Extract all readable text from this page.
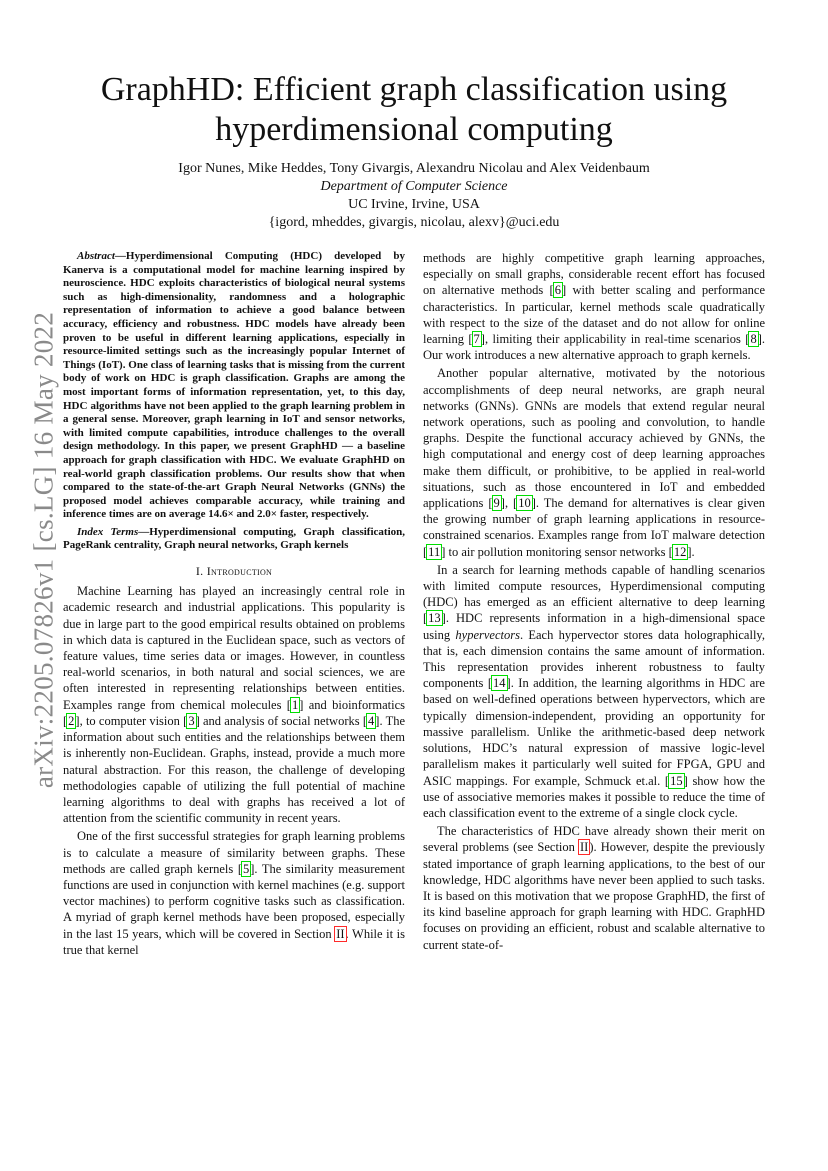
arXiv:2205.07826v1 [cs.LG] 16 May 2022
GraphHD: Efficient graph classification using hyperdimensional computing
Igor Nunes, Mike Heddes, Tony Givargis, Alexandru Nicolau and Alex Veidenbaum
Department of Computer Science
UC Irvine, Irvine, USA
{igord, mheddes, givargis, nicolau, alexv}@uci.edu

Abstract—Hyperdimensional Computing (HDC) developed by Kanerva is a computational model for machine learning inspired by neuroscience. HDC exploits characteristics of biological neural systems such as high-dimensionality, randomness and a holographic representation of information to achieve a good balance between accuracy, efficiency and robustness. HDC models have already been proven to be useful in different learning applications, especially in resource-limited settings such as the increasingly popular Internet of Things (IoT). One class of learning tasks that is missing from the current body of work on HDC is graph classification. Graphs are among the most important forms of information representation, yet, to this day, HDC algorithms have not been applied to the graph learning problem in a general sense. Moreover, graph learning in IoT and sensor networks, with limited compute capabilities, introduce challenges to the overall design methodology. In this paper, we present GraphHD — a baseline approach for graph classification with HDC. We evaluate GraphHD on real-world graph classification problems. Our results show that when compared to the state-of-the-art Graph Neural Networks (GNNs) the proposed model achieves comparable accuracy, while training and inference times are on average 14.6× and 2.0× faster, respectively.

Index Terms—Hyperdimensional computing, Graph classification, PageRank centrality, Graph neural networks, Graph kernels

I. Introduction

Machine Learning has played an increasingly central role in academic research and industrial applications. This popularity is due in large part to the good empirical results obtained on problems in which data is captured in the Euclidean space, such as vectors of feature values, time series data or images. However, in countless real-world scenarios, in both natural and social sciences, we are often interested in representing relationships between entities. Examples range from chemical molecules [1] and bioinformatics [2], to computer vision [3] and analysis of social networks [4]. The information about such entities and the relationships between them is inherently non-Euclidean. Graphs, instead, provide a much more natural abstraction. For this reason, the challenge of developing methodologies capable of utilizing the full potential of machine learning algorithms to deal with graphs has received a lot of attention from the scientific community in recent years.

One of the first successful strategies for graph learning problems is to calculate a measure of similarity between graphs. These methods are called graph kernels [5]. The similarity measurement functions are used in conjunction with kernel machines (e.g. support vector machines) to perform cognitive tasks such as classification. A myriad of graph kernel methods have been proposed, especially in the last 15 years, which will be covered in Section II. While it is true that kernel

methods are highly competitive graph learning approaches, especially on small graphs, considerable recent effort has focused on alternative methods [6] with better scaling and performance characteristics. In particular, kernel methods scale quadratically with respect to the size of the dataset and do not allow for online learning [7], limiting their applicability in real-time scenarios [8]. Our work introduces a new alternative approach to graph kernels.

Another popular alternative, motivated by the notorious accomplishments of deep neural networks, are graph neural networks (GNNs). GNNs are models that extend regular neural network operations, such as pooling and convolution, to handle graphs. Despite the functional accuracy achieved by GNNs, the high computational and energy cost of deep learning approaches make them difficult, or prohibitive, to be applied in real-world situations, such as those encountered in IoT and embedded applications [9], [10]. The demand for alternatives is clear given the growing number of graph learning applications in resource-constrained scenarios. Examples range from IoT malware detection [11] to air pollution monitoring sensor networks [12].

In a search for learning methods capable of handling scenarios with limited compute resources, Hyperdimensional computing (HDC) has emerged as an efficient alternative to deep learning [13]. HDC represents information in a high-dimensional space using hypervectors. Each hypervector stores data holographically, that is, each dimension contains the same amount of information. This representation provides inherent robustness to faulty components [14]. In addition, the learning algorithms in HDC are based on well-defined operations between hypervectors, which are typically dimension-independent, providing an opportunity for massive parallelism. Unlike the arithmetic-based deep network solutions, HDC’s natural expression of massive logic-level parallelism makes it particularly well suited for FPGA, GPU and ASIC mappings. For example, Schmuck et.al. [15] show how the use of associative memories makes it possible to reduce the time of each classification event to the extreme of a single clock cycle.

The characteristics of HDC have already shown their merit on several problems (see Section II). However, despite the previously stated importance of graph learning applications, to the best of our knowledge, HDC algorithms have never been applied to such tasks. It is based on this motivation that we propose GraphHD, the first of its kind baseline approach for graph learning with HDC. GraphHD focuses on providing an efficient, robust and scalable alternative to current state-of-
